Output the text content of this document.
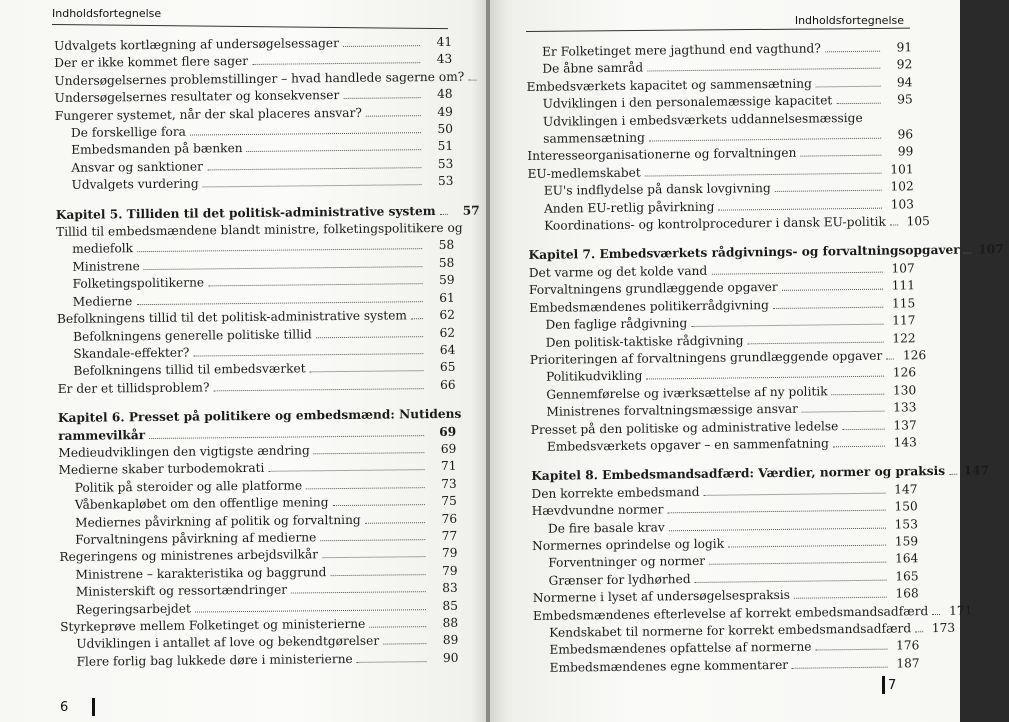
Indholdsfortegnelse
Udvalgets kortlægning af undersøgelsessager	41
Der er ikke kommet flere sager	43
Undersøgelsernes problemstillinger – hvad handlede sagerne om?
Undersøgelsernes resultater og konsekvenser	48
Fungerer systemet, når der skal placeres ansvar?	49
De forskellige fora	50
Embedsmanden på bænken	51
Ansvar og sanktioner	53
Udvalgets vurdering	53
Kapitel 5. Tilliden til det politisk-administrative system	57
Tillid til embedsmændene blandt ministre, folketingspolitikere og
mediefolk	58
Ministrene	58
Folketingspolitikerne	59
Medierne	61
Befolkningens tillid til det politisk-administrative system	62
Befolkningens generelle politiske tillid	62
Skandale-effekter?	64
Befolkningens tillid til embedsværket	65
Er der et tillidsproblem?	66
Kapitel 6. Presset på politikere og embedsmænd: Nutidens
rammevilkår	69
Medieudviklingen den vigtigste ændring	69
Medierne skaber turbodemokrati	71
Politik på steroider og alle platforme	73
Våbenkapløbet om den offentlige mening	75
Mediernes påvirkning af politik og forvaltning	76
Forvaltningens påvirkning af medierne	77
Regeringens og ministrenes arbejdsvilkår	79
Ministrene – karakteristika og baggrund	79
Ministerskift og ressortændringer	83
Regeringsarbejdet	85
Styrkeprøve mellem Folketinget og ministerierne	88
Udviklingen i antallet af love og bekendtgørelser	89
Flere forlig bag lukkede døre i ministerierne	90
6
Indholdsfortegnelse
Er Folketinget mere jagthund end vagthund?	91
De åbne samråd	92
Embedsværkets kapacitet og sammensætning	94
Udviklingen i den personalemæssige kapacitet	95
Udviklingen i embedsværkets uddannelsesmæssige
sammensætning	96
Interesseorganisationerne og forvaltningen	99
EU-medlemskabet	101
EU's indflydelse på dansk lovgivning	102
Anden EU-retlig påvirkning	103
Koordinations- og kontrolprocedurer i dansk EU-politik	105
Kapitel 7. Embedsværkets rådgivnings- og forvaltningsopgaver 107
Det varme og det kolde vand	107
Forvaltningens grundlæggende opgaver	111
Embedsmændenes politikerrådgivning	115
Den faglige rådgivning	117
Den politisk-taktiske rådgivning	122
Prioriteringen af forvaltningens grundlæggende opgaver	126
Politikudvikling	126
Gennemførelse og iværksættelse af ny politik	130
Ministrenes forvaltningsmæssige ansvar	133
Presset på den politiske og administrative ledelse	137
Embedsværkets opgaver – en sammenfatning	143
Kapitel 8. Embedsmandsadfærd: Værdier, normer og praksis 147
Den korrekte embedsmand	147
Hævdvundne normer	150
De fire basale krav	153
Normernes oprindelse og logik	159
Forventninger og normer	164
Grænser for lydhørhed	165
Normerne i lyset af undersøgelsespraksis	168
Embedsmændenes efterlevelse af korrekt embedsmandsadfærd	171
Kendskabet til normerne for korrekt embedsmandsadfærd	173
Embedsmændenes opfattelse af normerne	176
Embedsmændenes egne kommentarer	187
7
